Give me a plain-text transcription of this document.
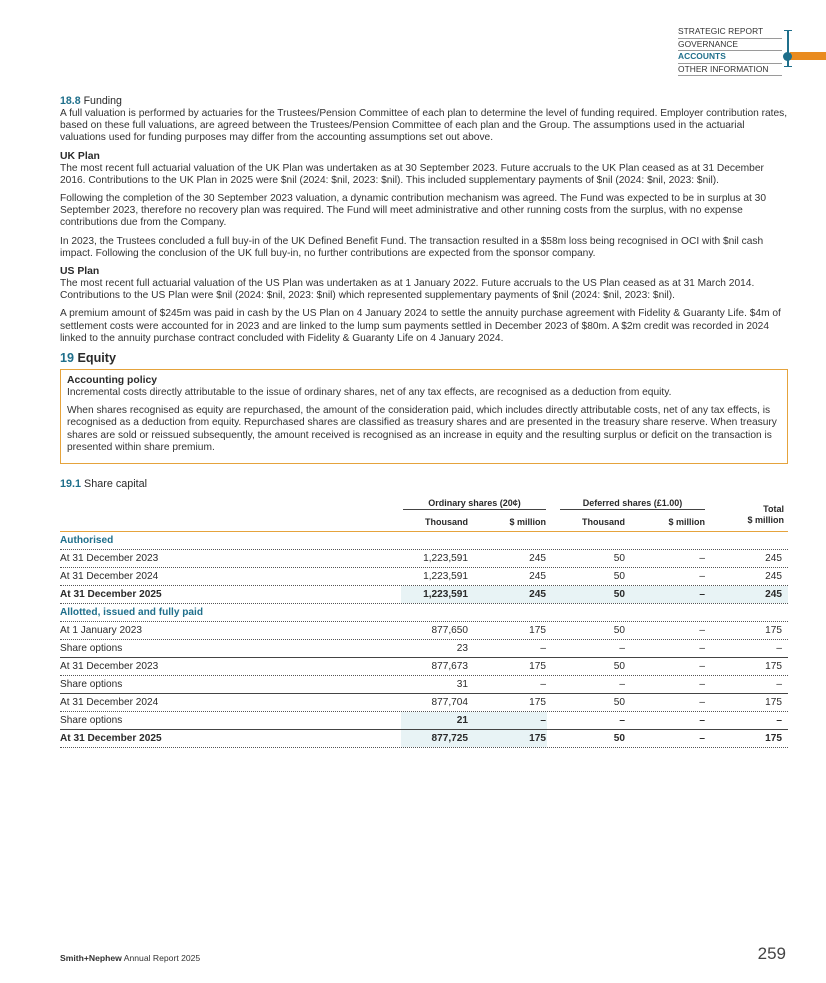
STRATEGIC REPORT
GOVERNANCE
ACCOUNTS
OTHER INFORMATION
18.8 Funding

A full valuation is performed by actuaries for the Trustees/Pension Committee of each plan to determine the level of funding required. Employer contribution rates, based on these full valuations, are agreed between the Trustees/Pension Committee of each plan and the Group. The assumptions used in the actuarial valuations used for funding purposes may differ from the accounting assumptions set out above.

UK Plan

The most recent full actuarial valuation of the UK Plan was undertaken as at 30 September 2023. Future accruals to the UK Plan ceased as at 31 December 2016. Contributions to the UK Plan in 2025 were $nil (2024: $nil, 2023: $nil). This included supplementary payments of $nil (2024: $nil, 2023: $nil).

Following the completion of the 30 September 2023 valuation, a dynamic contribution mechanism was agreed. The Fund was expected to be in surplus at 30 September 2023, therefore no recovery plan was required. The Fund will meet administrative and other running costs from the surplus, with no expense contributions due from the Company.

In 2023, the Trustees concluded a full buy-in of the UK Defined Benefit Fund. The transaction resulted in a $58m loss being recognised in OCI with $nil cash impact. Following the conclusion of the UK full buy-in, no further contributions are expected from the sponsor company.

US Plan

The most recent full actuarial valuation of the US Plan was undertaken as at 1 January 2022. Future accruals to the US Plan ceased as at 31 March 2014. Contributions to the US Plan were $nil (2024: $nil, 2023: $nil) which represented supplementary payments of $nil (2024: $nil, 2023: $nil).

A premium amount of $245m was paid in cash by the US Plan on 4 January 2024 to settle the annuity purchase agreement with Fidelity & Guaranty Life. $4m of settlement costs were accounted for in 2023 and are linked to the lump sum payments settled in December 2023 of $80m. A $2m credit was recorded in 2024 linked to the annuity purchase contract concluded with Fidelity & Guaranty Life on 4 January 2024.

19 Equity
Accounting policy

Incremental costs directly attributable to the issue of ordinary shares, net of any tax effects, are recognised as a deduction from equity.

When shares recognised as equity are repurchased, the amount of the consideration paid, which includes directly attributable costs, net of any tax effects, is recognised as a deduction from equity. Repurchased shares are classified as treasury shares and are presented in the treasury share reserve. When treasury shares are sold or reissued subsequently, the amount received is recognised as an increase in equity and the resulting surplus or deficit on the transaction is presented within share premium.

19.1 Share capital
Ordinary shares (20¢)	Deferred shares (£1.00)
Total
$ million
Thousand	$ million	Thousand	$ million
Authorised
At 31 December 2023	1,223,591	245	50	–	245
At 31 December 2024	1,223,591	245	50	–	245
At 31 December 2025	1,223,591	245	50	–	245
Allotted, issued and fully paid
At 1 January 2023	877,650	175	50	–	175
Share options	23	–	–	–	–
At 31 December 2023	877,673	175	50	–	175
Share options	31	–	–	–	–
At 31 December 2024	877,704	175	50	–	175
Share options	21	–	–	–	–
At 31 December 2025	877,725	175	50	–	175
Smith+Nephew Annual Report 2025	259
